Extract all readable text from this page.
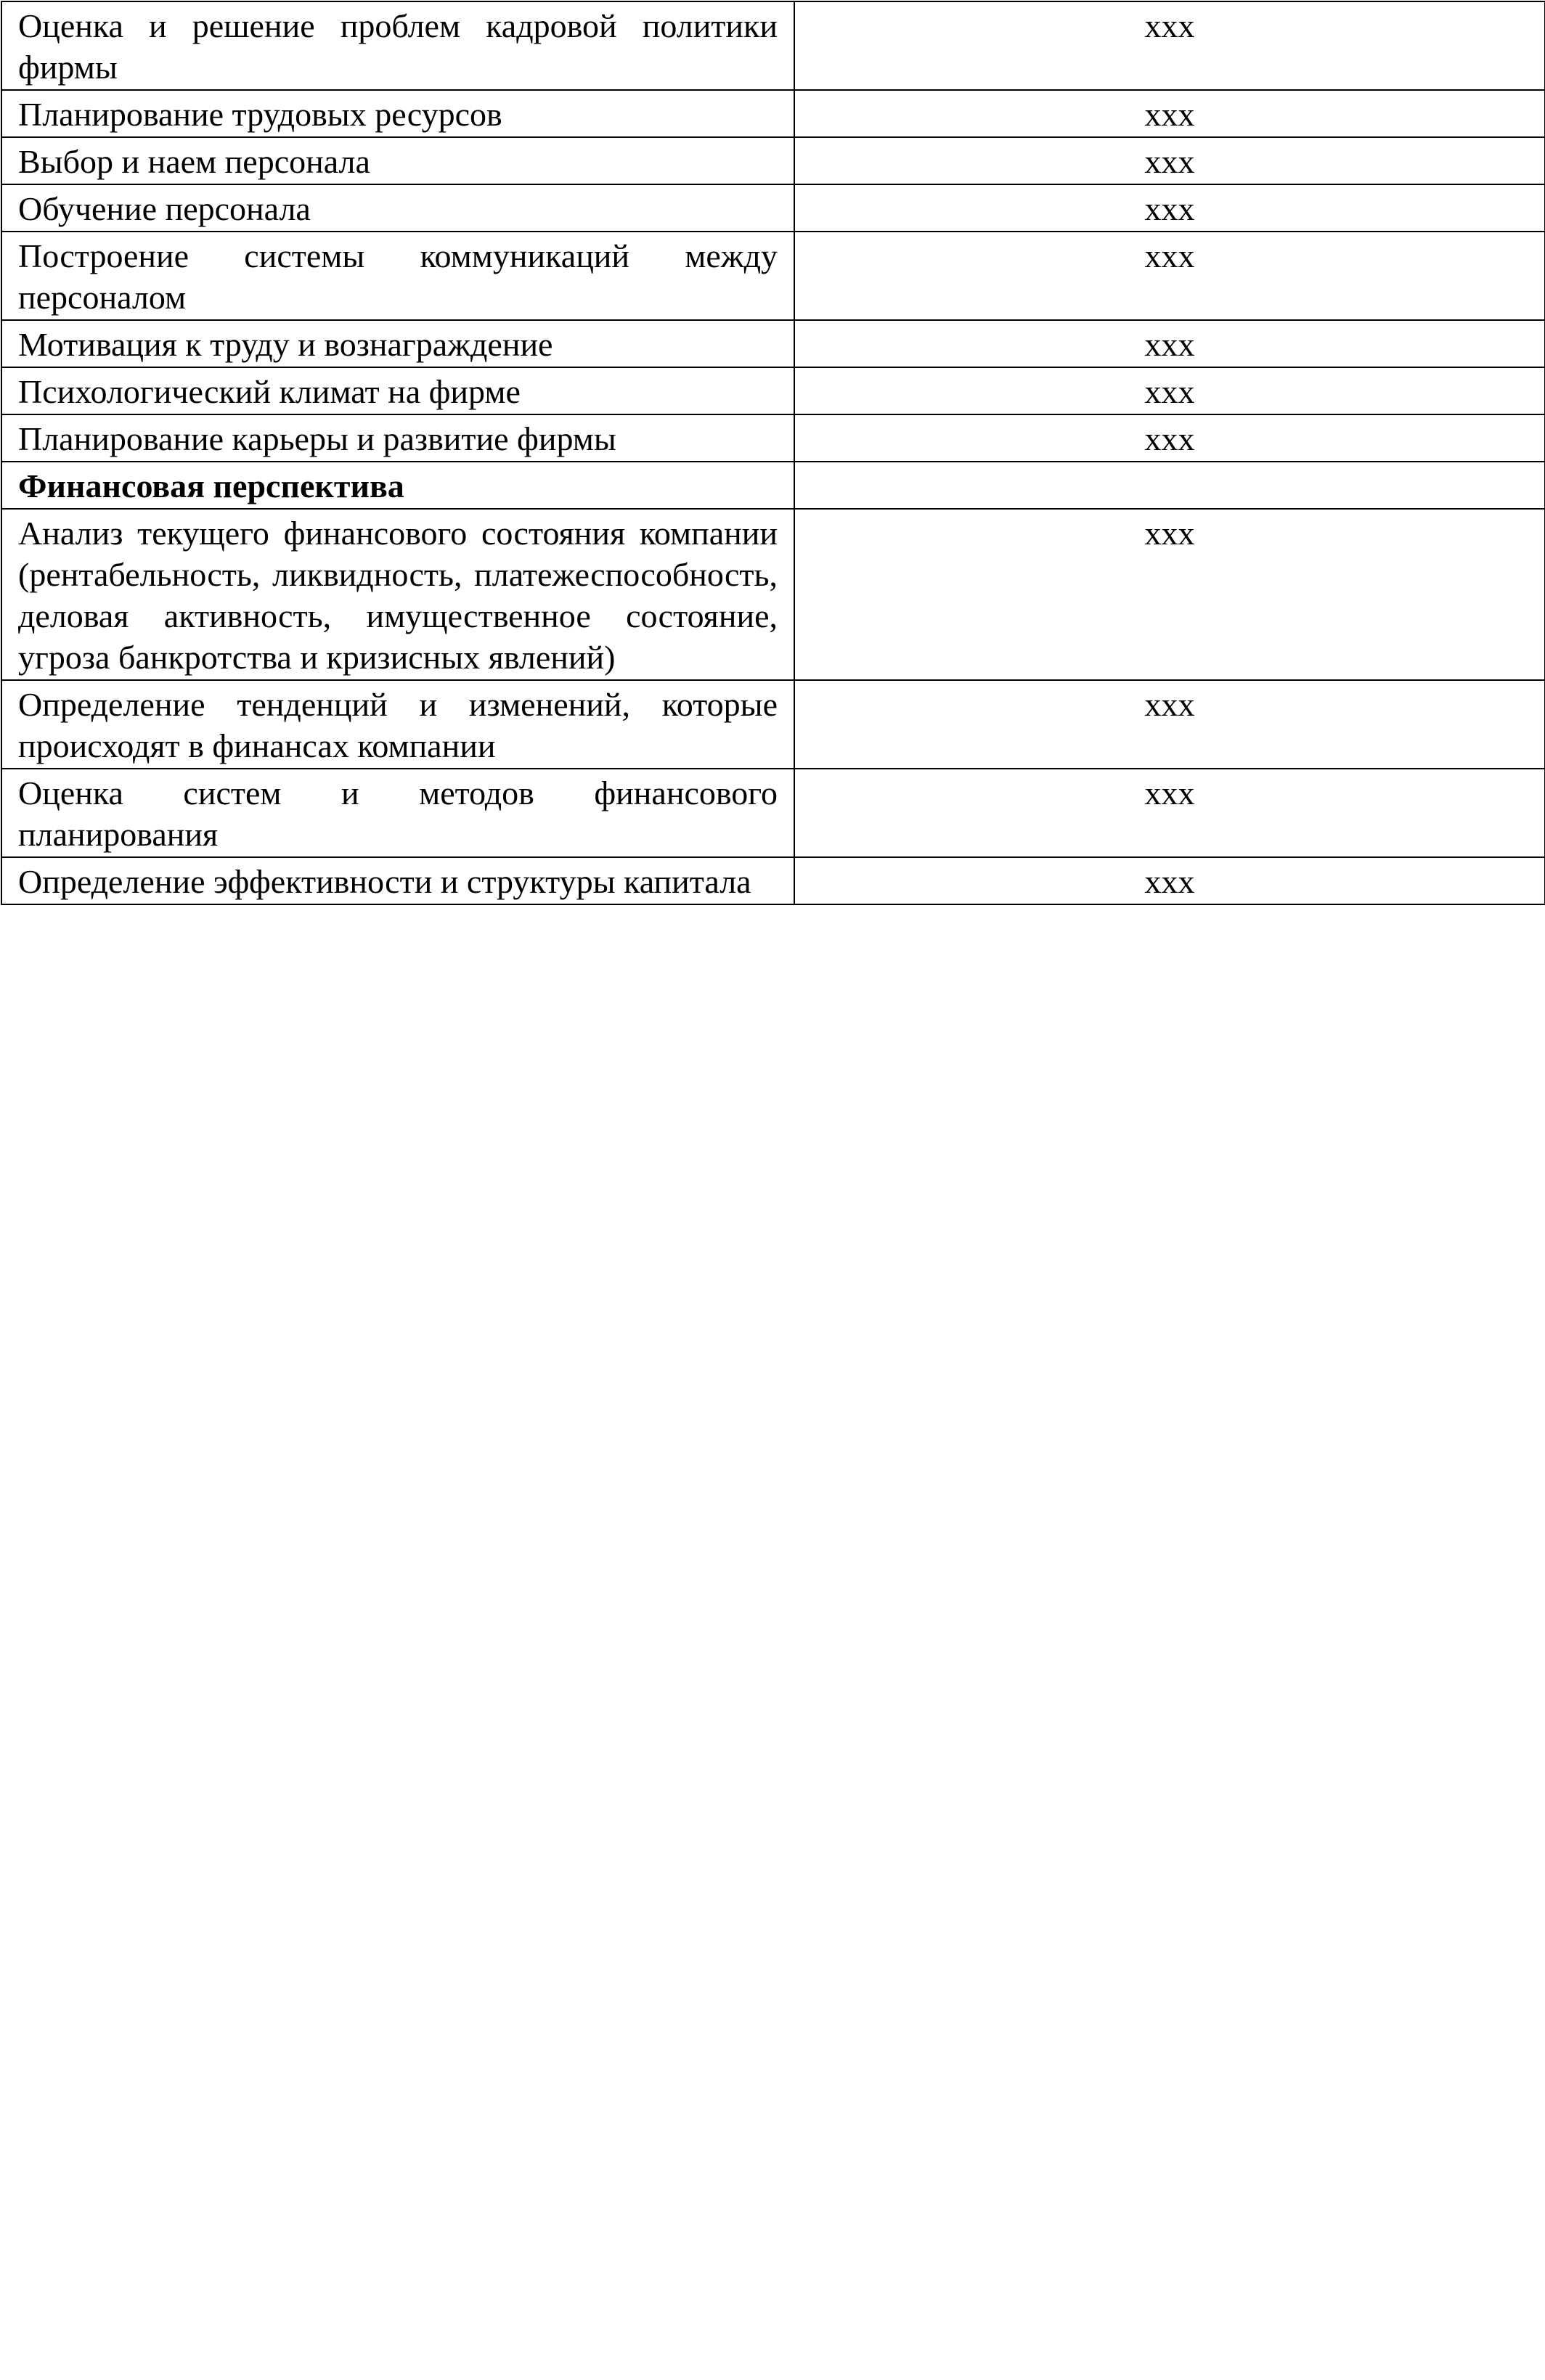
Оценка и решение проблем кадровой политики фирмы	ххх
Планирование трудовых ресурсов	ххх
Выбор и наем персонала	ххх
Обучение персонала	ххх
Построение системы коммуникаций между персоналом	ххх
Мотивация к труду и вознаграждение	ххх
Психологический климат на фирме	ххх
Планирование карьеры и развитие фирмы	ххх
Финансовая перспектива	
Анализ текущего финансового состояния компании (рентабельность, ликвидность, платежеспособность, деловая активность, имущественное состояние, угроза банкротства и кризисных явлений)	ххх
Определение тенденций и изменений, которые происходят в финансах компании	ххх
Оценка систем и методов финансового планирования	ххх
Определение эффективности и структуры капитала	ххх
